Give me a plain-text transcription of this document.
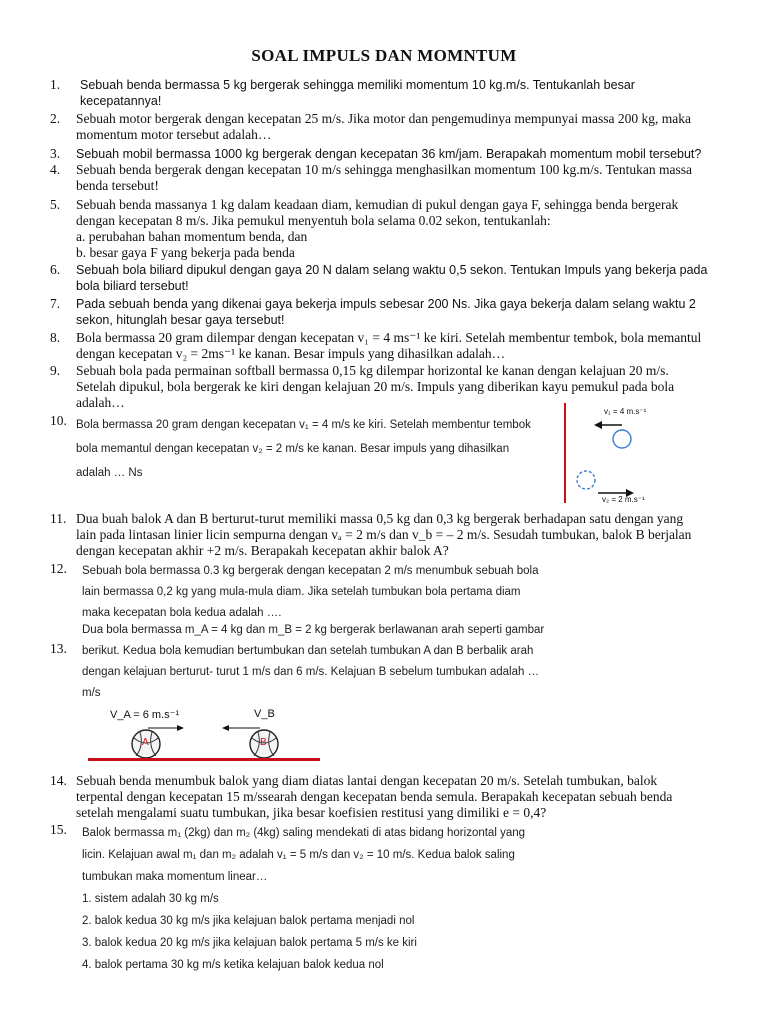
SOAL IMPULS DAN MOMNTUM
1. Sebuah benda bermassa 5 kg bergerak sehingga memiliki momentum 10 kg.m/s. Tentukanlah besar
kecepatannya!
2. Sebuah motor bergerak dengan kecepatan 25 m/s. Jika motor dan pengemudinya mempunyai massa 200 kg, maka
momentum motor tersebut adalah…
3. Sebuah mobil bermassa 1000 kg bergerak dengan kecepatan 36 km/jam. Berapakah momentum mobil tersebut?
4. Sebuah benda bergerak dengan kecepatan 10 m/s sehingga menghasilkan momentum 100 kg.m/s. Tentukan massa
benda tersebut!
5. Sebuah benda massanya 1 kg dalam keadaan diam, kemudian di pukul dengan gaya F, sehingga benda bergerak
dengan kecepatan 8 m/s. Jika pemukul menyentuh bola selama 0.02 sekon, tentukanlah:
a. perubahan bahan momentum benda, dan
b. besar gaya F yang bekerja pada benda
6. Sebuah bola biliard dipukul dengan gaya 20 N dalam selang waktu 0,5 sekon. Tentukan Impuls yang bekerja pada
bola biliard tersebut!
7. Pada sebuah benda yang dikenai gaya bekerja impuls sebesar 200 Ns. Jika gaya bekerja dalam selang waktu 2
sekon, hitunglah besar gaya tersebut!
8. Bola bermassa 20 gram dilempar dengan kecepatan v₁ = 4 ms⁻¹ ke kiri. Setelah membentur tembok, bola memantul
dengan kecepatan v₂ = 2ms⁻¹ ke kanan. Besar impuls yang dihasilkan adalah…
9. Sebuah bola pada permainan softball bermassa 0,15 kg dilempar horizontal ke kanan dengan kelajuan 20 m/s.
Setelah dipukul, bola bergerak ke kiri dengan kelajuan 20 m/s. Impuls yang diberikan kayu pemukul pada bola
adalah…
10. Bola bermassa 20 gram dengan kecepatan v₁ = 4 m/s ke kiri. Setelah membentur tembok
bola memantul dengan kecepatan v₂ = 2 m/s ke kanan. Besar impuls yang dihasilkan
adalah … Ns
v₁ = 4 m.s⁻¹
v₂ = 2 m.s⁻¹
11. Dua buah balok A dan B berturut-turut memiliki massa 0,5 kg dan 0,3 kg bergerak berhadapan satu dengan yang
lain pada lintasan linier licin sempurna dengan vₐ = 2 m/s dan v_b = – 2 m/s. Sesudah tumbukan, balok B berjalan
dengan kecepatan akhir +2 m/s. Berapakah kecepatan akhir balok A?
12. Sebuah bola bermassa 0.3 kg bergerak dengan kecepatan 2 m/s menumbuk sebuah bola
lain bermassa 0,2 kg yang mula-mula diam. Jika setelah tumbukan bola pertama diam
maka kecepatan bola kedua adalah ….
Dua bola bermassa m_A = 4 kg dan m_B = 2 kg bergerak berlawanan arah seperti gambar
13. berikut. Kedua bola kemudian bertumbukan dan setelah tumbukan A dan B berbalik arah
dengan kelajuan berturut- turut 1 m/s dan 6 m/s. Kelajuan B sebelum tumbukan adalah …
m/s
V_A = 6 m.s⁻¹	V_B
A	B
14. Sebuah benda menumbuk balok yang diam diatas lantai dengan kecepatan 20 m/s. Setelah tumbukan, balok
terpental dengan kecepatan 15 m/ssearah dengan kecepatan benda semula. Berapakah kecepatan sebuah benda
setelah mengalami suatu tumbukan, jika besar koefisien restitusi yang dimiliki e = 0,4?
15. Balok bermassa m₁ (2kg) dan m₂ (4kg) saling mendekati di atas bidang horizontal yang
licin. Kelajuan awal m₁ dan m₂ adalah v₁ = 5 m/s dan v₂ = 10 m/s. Kedua balok saling
tumbukan maka momentum linear…
1. sistem adalah 30 kg m/s
2. balok kedua 30 kg m/s jika kelajuan balok pertama menjadi nol
3. balok kedua 20 kg m/s jika kelajuan balok pertama 5 m/s ke kiri
4. balok pertama 30 kg m/s ketika kelajuan balok kedua nol
